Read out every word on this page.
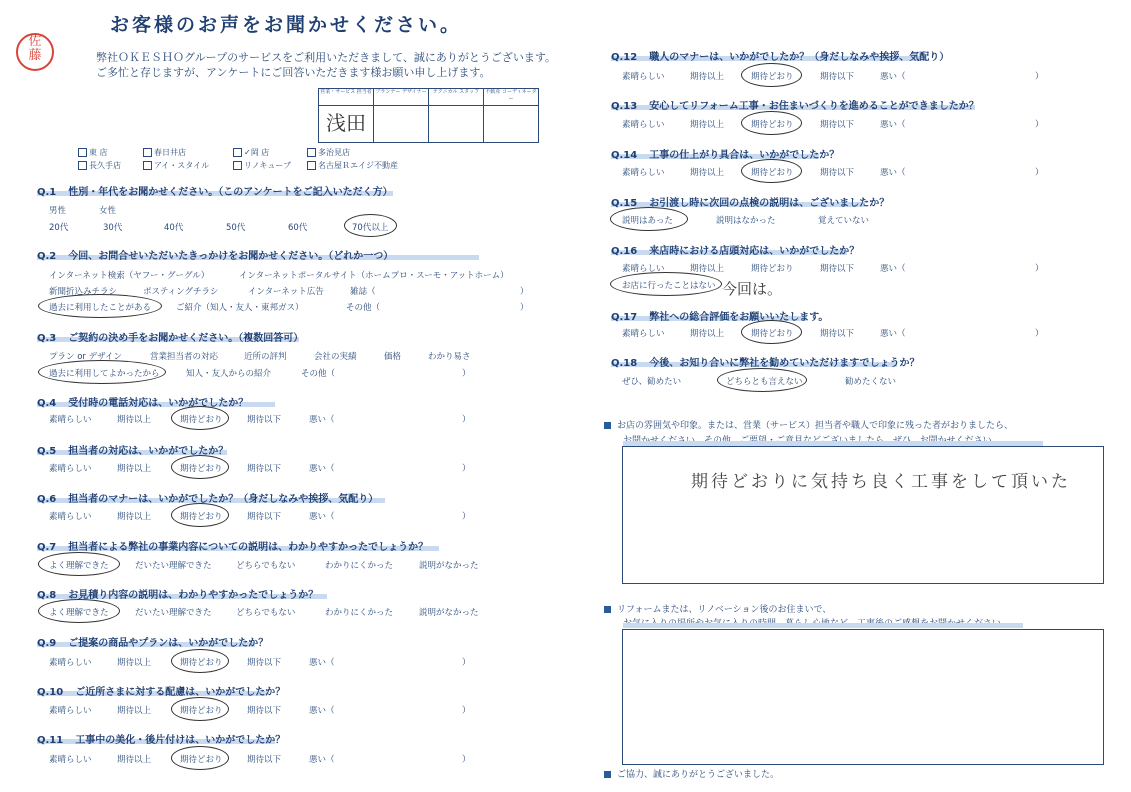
お客様のお声をお聞かせください。
佐
藤	弊社ＯＫＥＳＨＯグループのサービスをご利用いただきまして、誠にありがとうございます。
ご多忙と存じますが、アンケートにご回答いただきます様お願い申し上げます。
営業・サービス 担当者	プランナー デザイナー	テクニカル スタッフ	不動産 コーディネーター
浅田			
東 店	春日井店	✓岡 店	多治見店
長久手店	アイ・スタイル	リノキューブ	名古屋Ｒエイジ不動産
Q.1 性別・年代をお聞かせください。（このアンケートをご記入いただく方）
男性	女性
20代	30代	40代	50代	60代	70代以上
Q.2 今回、お問合せいただいたきっかけをお聞かせください。（どれか一つ）
インターネット検索（ヤフー・グーグル）	インターネットポータルサイト（ホームプロ・スーモ・アットホーム）
新聞折込みチラシ	ポスティングチラシ	インターネット広告	雑誌（	）
過去に利用したことがある	ご紹介（知人・友人・東邦ガス）	その他（	）
Q.3 ご契約の決め手をお聞かせください。（複数回答可）
プラン or デザイン	営業担当者の対応	近所の評判	会社の実績	価格	わかり易さ
過去に利用してよかったから	知人・友人からの紹介	その他（	）
Q.4 受付時の電話対応は、いかがでしたか？
素晴らしい	期待以上	期待どおり	期待以下	悪い（	）
Q.5 担当者の対応は、いかがでしたか？
素晴らしい	期待以上	期待どおり	期待以下	悪い（	）
Q.6 担当者のマナーは、いかがでしたか？（身だしなみや挨拶、気配り）
素晴らしい	期待以上	期待どおり	期待以下	悪い（	）
Q.7 担当者による弊社の事業内容についての説明は、わかりやすかったでしょうか？
よく理解できた	だいたい理解できた	どちらでもない	わかりにくかった	説明がなかった
Q.8 お見積り内容の説明は、わかりやすかったでしょうか？
よく理解できた	だいたい理解できた	どちらでもない	わかりにくかった	説明がなかった
Q.9 ご提案の商品やプランは、いかがでしたか？
素晴らしい	期待以上	期待どおり	期待以下	悪い（	）
Q.10 ご近所さまに対する配慮は、いかがでしたか？
素晴らしい	期待以上	期待どおり	期待以下	悪い（	）
Q.11 工事中の美化・後片付けは、いかがでしたか？
素晴らしい	期待以上	期待どおり	期待以下	悪い（	）
Q.12 職人のマナーは、いかがでしたか？（身だしなみや挨拶、気配り）
素晴らしい	期待以上	期待どおり	期待以下	悪い（	）
Q.13 安心してリフォーム工事・お住まいづくりを進めることができましたか？
素晴らしい	期待以上	期待どおり	期待以下	悪い（	）
Q.14 工事の仕上がり具合は、いかがでしたか？
素晴らしい	期待以上	期待どおり	期待以下	悪い（	）
Q.15 お引渡し時に次回の点検の説明は、ございましたか？
説明はあった	説明はなかった	覚えていない
Q.16 来店時における店頭対応は、いかがでしたか？
素晴らしい	期待以上	期待どおり	期待以下	悪い（	）
お店に行ったことはない 今回は。
Q.17 弊社への総合評価をお願いいたします。
素晴らしい	期待以上	期待どおり	期待以下	悪い（	）
Q.18 今後、お知り合いに弊社を勧めていただけますでしょうか？
ぜひ、勧めたい	どちらとも言えない	勧めたくない
お店の雰囲気や印象。または、営業（サービス）担当者や職人で印象に残った者がおりましたら、
期待どおりに気持ち良く工事をして頂いた
リフォームまたは、リノベーション後のお住まいで、
ご協力、誠にありがとうございました。
